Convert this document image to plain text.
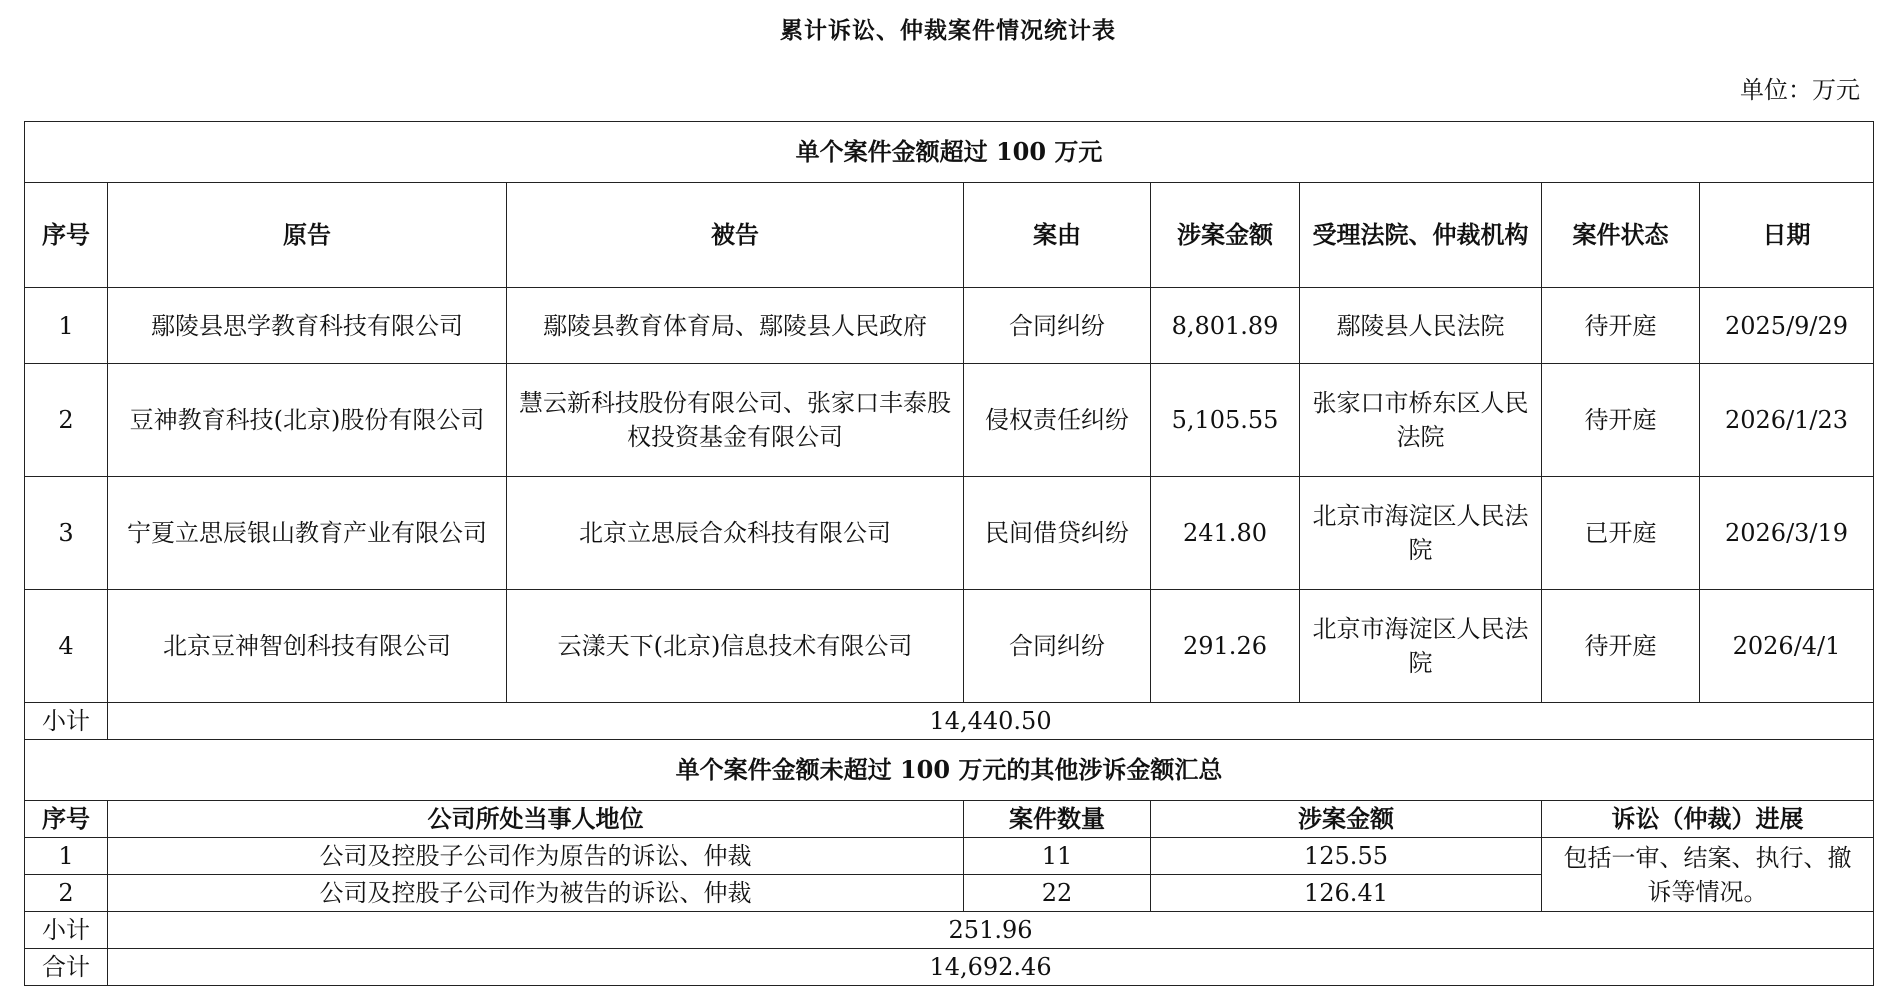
累计诉讼、仲裁案件情况统计表
单位：万元
单个案件金额超过 100 万元							
序号	原告	被告	案由	涉案金额	受理法院、仲裁机构	案件状态	日期
1	鄢陵县思学教育科技有限公司	鄢陵县教育体育局、鄢陵县人民政府	合同纠纷	8,801.89	鄢陵县人民法院	待开庭	2025/9/29
2	豆神教育科技(北京)股份有限公司	慧云新科技股份有限公司、张家口丰泰股权投资基金有限公司	侵权责任纠纷	5,105.55	张家口市桥东区人民法院	待开庭	2026/1/23
3	宁夏立思辰银山教育产业有限公司	北京立思辰合众科技有限公司	民间借贷纠纷	241.80	北京市海淀区人民法院	已开庭	2026/3/19
4	北京豆神智创科技有限公司	云漾天下(北京)信息技术有限公司	合同纠纷	291.26	北京市海淀区人民法院	待开庭	2026/4/1
小计	14,440.50						
单个案件金额未超过 100 万元的其他涉诉金额汇总							
序号	公司所处当事人地位		案件数量	涉案金额		诉讼（仲裁）进展	
1	公司及控股子公司作为原告的诉讼、仲裁		11	125.55		包括一审、结案、执行、撤诉等情况。	
2	公司及控股子公司作为被告的诉讼、仲裁		22	126.41			
小计	251.96						
合计	14,692.46						
